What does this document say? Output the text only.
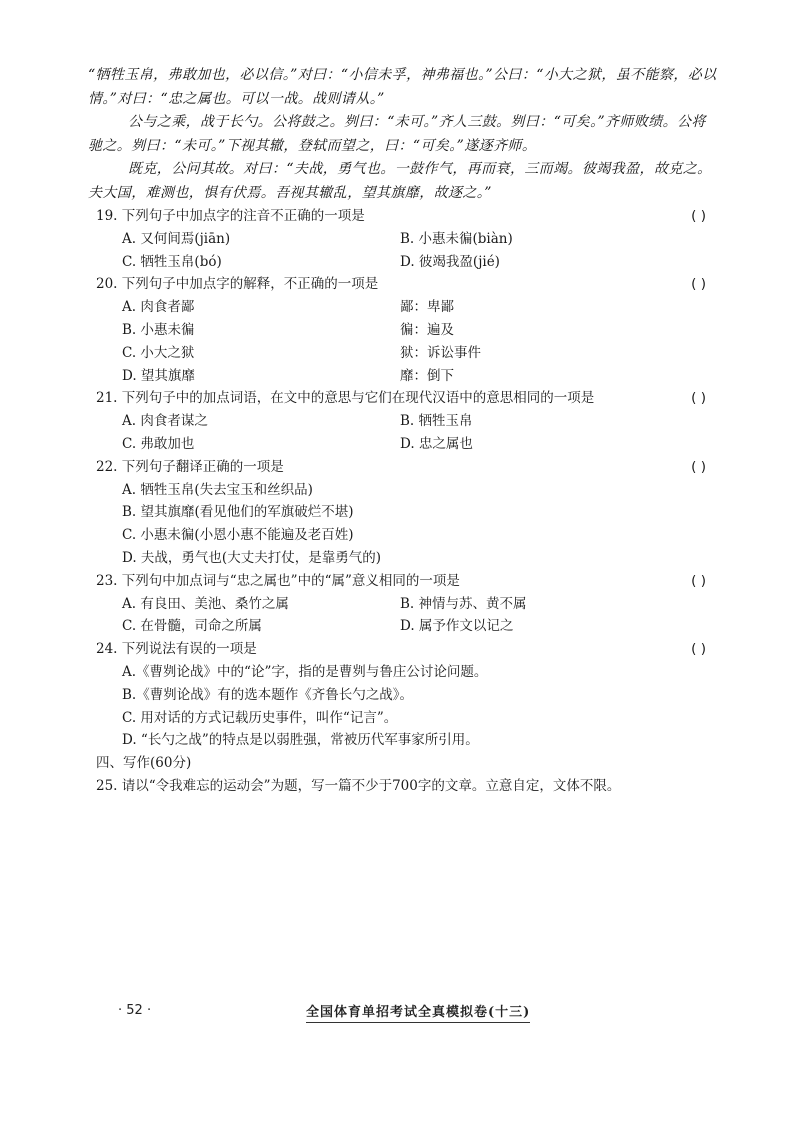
“牺牲玉帛，弗敢加也，必以信。”对曰：“小信未孚，神弗福也。”公曰：“小大之狱，虽不能察，必以情。”对曰：“忠之属也。可以一战。战则请从。”

公与之乘，战于长勺。公将鼓之。刿曰：“未可。”齐人三鼓。刿曰：“可矣。”齐师败绩。公将驰之。刿曰：“未可。”下视其辙，登轼而望之，曰：“可矣。”遂逐齐师。

既克，公问其故。对曰：“夫战，勇气也。一鼓作气，再而衰，三而竭。彼竭我盈，故克之。夫大国，难测也，惧有伏焉。吾视其辙乱，望其旗靡，故逐之。”

19. 下列句子中加点字的注音不正确的一项是	( )
A. 又何间焉(jiān)	B. 小惠未徧(biàn)
C. 牺牲玉帛(bó)	D. 彼竭我盈(jié)
20. 下列句子中加点字的解释，不正确的一项是	( )
A. 肉食者鄙	鄙：卑鄙
B. 小惠未徧	徧：遍及
C. 小大之狱	狱：诉讼事件
D. 望其旗靡	靡：倒下
21. 下列句子中的加点词语，在文中的意思与它们在现代汉语中的意思相同的一项是	( )
A. 肉食者谋之	B. 牺牲玉帛
C. 弗敢加也	D. 忠之属也
22. 下列句子翻译正确的一项是	( )
A. 牺牲玉帛(失去宝玉和丝织品)
B. 望其旗靡(看见他们的军旗破烂不堪)
C. 小惠未徧(小恩小惠不能遍及老百姓)
D. 夫战，勇气也(大丈夫打仗，是靠勇气的)
23. 下列句中加点词与“忠之属也”中的“属”意义相同的一项是	( )
A. 有良田、美池、桑竹之属	B. 神情与苏、黄不属
C. 在骨髓，司命之所属	D. 属予作文以记之
24. 下列说法有误的一项是	( )
A.《曹刿论战》中的“论”字，指的是曹刿与鲁庄公讨论问题。
B.《曹刿论战》有的选本题作《齐鲁长勺之战》。
C. 用对话的方式记载历史事件，叫作“记言”。
D. “长勺之战”的特点是以弱胜强，常被历代军事家所引用。
四、写作(60分)
25. 请以“令我难忘的运动会”为题，写一篇不少于700字的文章。立意自定，文体不限。
· 52 ·	全国体育单招考试全真模拟卷(十三)
